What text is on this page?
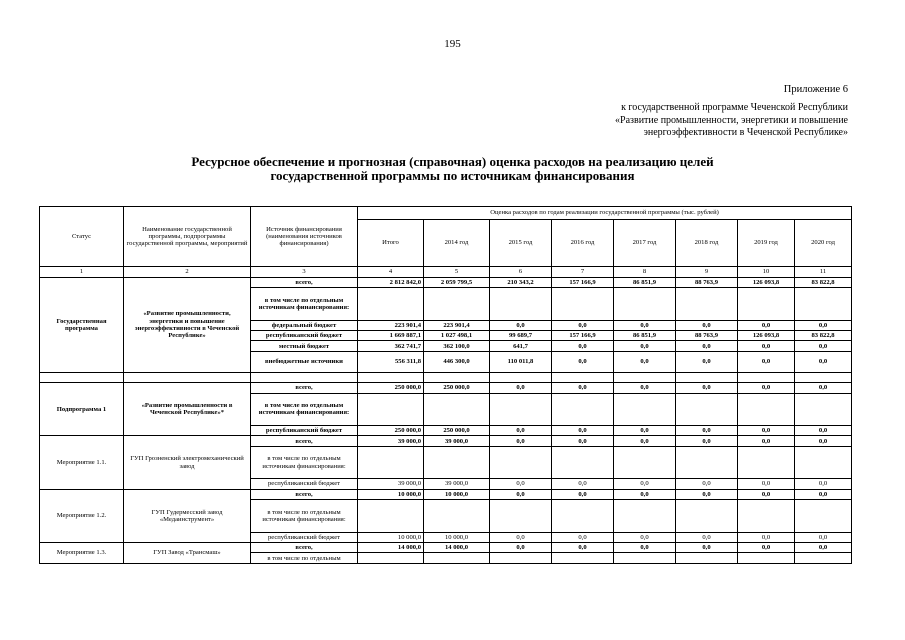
195
Приложение 6
к государственной программе Чеченской Республики
«Развитие промышленности, энергетики и повышение
энергоэффективности в Чеченской Республике»
Ресурсное обеспечение и прогнозная (справочная) оценка расходов на реализацию целей
государственной программы по источникам финансирования
Статус	Наименование государственной программы, подпрограммы государственной программы, мероприятий	Источник финансирования (наименования источников финансирования)	Оценка расходов по годам реализации государственной программы (тыс. рублей)							
			Итого	2014 год	2015 год	2016 год	2017 год	2018 год	2019 год	2020 год
1	2	3	4	5	6	7	8	9	10	11
Государственная программа	«Развитие промышленности, энергетики и повышение энергоэффективности в Чеченской Республике»	всего,	2 812 842,0	2 059 799,5	210 343,2	157 166,9	86 851,9	88 763,9	126 093,8	83 822,8
		в том числе по отдельным источникам финансирования:								
		федеральный бюджет	223 901,4	223 901,4	0,0	0,0	0,0	0,0	0,0	0,0
		республиканский бюджет	1 669 887,1	1 027 498,1	99 689,7	157 166,9	86 851,9	88 763,9	126 093,8	83 822,8
		местный бюджет	362 741,7	362 100,0	641,7	0,0	0,0	0,0	0,0	0,0
		внебюджетные источники	556 311,8	446 300,0	110 011,8	0,0	0,0	0,0	0,0	0,0

Подпрограмма 1	«Развитие промышленности в Чеченской Республике»*	всего,	250 000,0	250 000,0	0,0	0,0	0,0	0,0	0,0	0,0
		в том числе по отдельным источникам финансирования:								
		республиканский бюджет	250 000,0	250 000,0	0,0	0,0	0,0	0,0	0,0	0,0
Мероприятие 1.1.	ГУП Грозненский электромеханический завод	всего,	39 000,0	39 000,0	0,0	0,0	0,0	0,0	0,0	0,0
		в том числе по отдельным источникам финансирования:								
		республиканский бюджет	39 000,0	39 000,0	0,0	0,0	0,0	0,0	0,0	0,0
Мероприятие 1.2.	ГУП Гудермесский завод «Медаинструмент»	всего,	10 000,0	10 000,0	0,0	0,0	0,0	0,0	0,0	0,0
		в том числе по отдельным источникам финансирования:								
		республиканский бюджет	10 000,0	10 000,0	0,0	0,0	0,0	0,0	0,0	0,0
Мероприятие 1.3.	ГУП Завод «Трансмаш»	всего,	14 000,0	14 000,0	0,0	0,0	0,0	0,0	0,0	0,0
		в том числе по отдельным								
